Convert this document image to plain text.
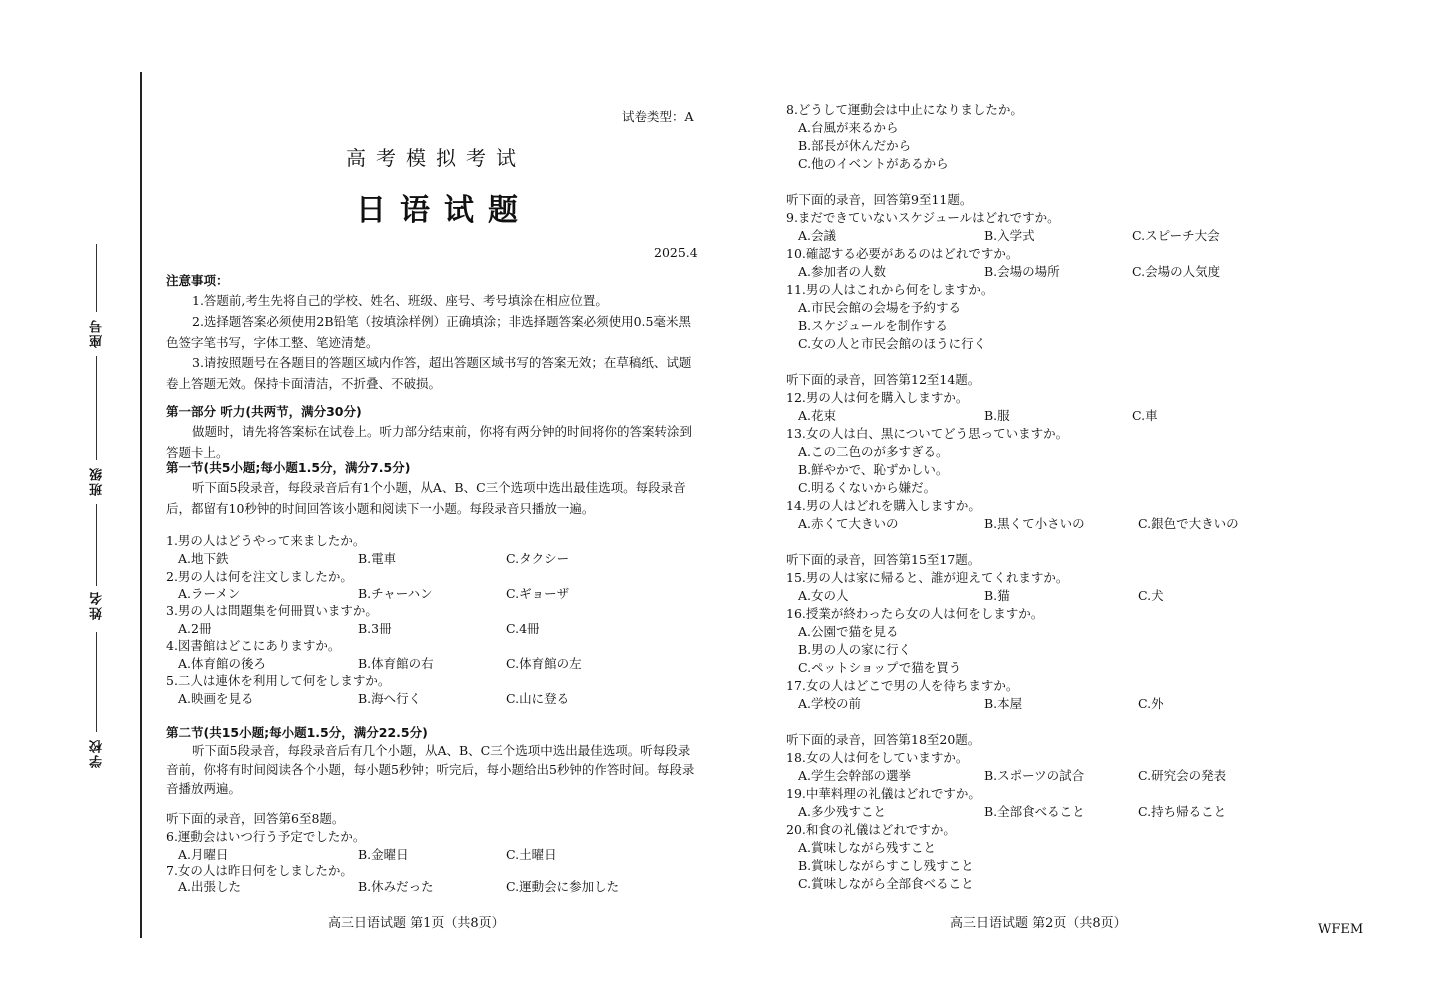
座号
班级
姓名
学校
试卷类型：A
高考模拟考试
日语试题
2025.4
注意事项：
1.答题前,考生先将自己的学校、姓名、班级、座号、考号填涂在相应位置。
2.选择题答案必须使用2B铅笔（按填涂样例）正确填涂；非选择题答案必须使用0.5毫米黑色签字笔书写，字体工整、笔迹清楚。
3.请按照题号在各题目的答题区域内作答，超出答题区域书写的答案无效；在草稿纸、试题卷上答题无效。保持卡面清洁，不折叠、不破损。
第一部分 听力(共两节，满分30分)
做题时，请先将答案标在试卷上。听力部分结束前，你将有两分钟的时间将你的答案转涂到答题卡上。
第一节(共5小题;每小题1.5分，满分7.5分)
听下面5段录音，每段录音后有1个小题，从A、B、C三个选项中选出最佳选项。每段录音后，都留有10秒钟的时间回答该小题和阅读下一小题。每段录音只播放一遍。
1.男の人はどうやって来ましたか。
A.地下鉄	B.電車	C.タクシー
2.男の人は何を注文しましたか。
A.ラーメン	B.チャーハン	C.ギョーザ
3.男の人は問題集を何冊買いますか。
A.2冊	B.3冊	C.4冊
4.図書館はどこにありますか。
A.体育館の後ろ	B.体育館の右	C.体育館の左
5.二人は連休を利用して何をしますか。
A.映画を見る	B.海へ行く	C.山に登る
第二节(共15小题;每小题1.5分，满分22.5分)
听下面5段录音，每段录音后有几个小题，从A、B、C三个选项中选出最佳选项。听每段录音前，你将有时间阅读各个小题，每小题5秒钟；听完后，每小题给出5秒钟的作答时间。每段录音播放两遍。
听下面的录音，回答第6至8题。
6.運動会はいつ行う予定でしたか。
A.月曜日	B.金曜日	C.土曜日
7.女の人は昨日何をしましたか。
A.出張した	B.休みだった	C.運動会に参加した
高三日语试题 第1页（共8页）
8.どうして運動会は中止になりましたか。
A.台風が来るから
B.部長が休んだから
C.他のイベントがあるから
听下面的录音，回答第9至11题。
9.まだできていないスケジュールはどれですか。
A.会議	B.入学式	C.スピーチ大会
10.確認する必要があるのはどれですか。
A.参加者の人数	B.会場の場所	C.会場の人気度
11.男の人はこれから何をしますか。
A.市民会館の会場を予約する
B.スケジュールを制作する
C.女の人と市民会館のほうに行く
听下面的录音，回答第12至14题。
12.男の人は何を購入しますか。
A.花束	B.服	C.車
13.女の人は白、黒についてどう思っていますか。
A.この二色のが多すぎる。
B.鮮やかで、恥ずかしい。
C.明るくないから嫌だ。
14.男の人はどれを購入しますか。
A.赤くて大きいの	B.黒くて小さいの	C.銀色で大きいの
听下面的录音，回答第15至17题。
15.男の人は家に帰ると、誰が迎えてくれますか。
A.女の人	B.猫	C.犬
16.授業が終わったら女の人は何をしますか。
A.公園で猫を見る
B.男の人の家に行く
C.ペットショップで猫を買う
17.女の人はどこで男の人を待ちますか。
A.学校の前	B.本屋	C.外
听下面的录音，回答第18至20题。
18.女の人は何をしていますか。
A.学生会幹部の選挙	B.スポーツの試合	C.研究会の発表
19.中華料理の礼儀はどれですか。
A.多少残すこと	B.全部食べること	C.持ち帰ること
20.和食の礼儀はどれですか。
A.賞味しながら残すこと
B.賞味しながらすこし残すこと
C.賞味しながら全部食べること
高三日语试题 第2页（共8页）	WFEM
